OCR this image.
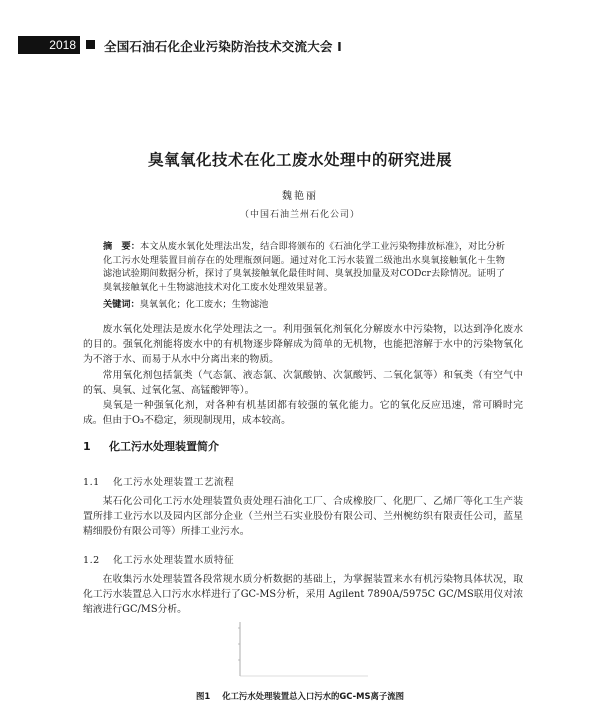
2018	全国石油石化企业污染防治技术交流大会 I
臭氧氧化技术在化工废水处理中的研究进展
魏艳丽
（中国石油兰州石化公司）
摘　要：本文从废水氧化处理法出发，结合即将颁布的《石油化学工业污染物排放标准》，对比分析化工污水处理装置目前存在的处理瓶颈问题。通过对化工污水装置二级池出水臭氧接触氧化＋生物滤池试验期间数据分析，探讨了臭氧接触氧化最佳时间、臭氧投加量及对CODcr去除情况。证明了臭氧接触氧化＋生物滤池技术对化工废水处理效果显著。
关键词：臭氧氧化；化工废水；生物滤池
废水氧化处理法是废水化学处理法之一。利用强氧化剂氧化分解废水中污染物，以达到净化废水的目的。强氧化剂能将废水中的有机物逐步降解成为简单的无机物，也能把溶解于水中的污染物氧化为不溶于水、而易于从水中分离出来的物质。
常用氧化剂包括氯类（气态氯、液态氯、次氯酸钠、次氯酸钙、二氧化氯等）和氧类（有空气中的氧、臭氧、过氧化氢、高锰酸钾等）。
臭氧是一种强氧化剂，对各种有机基团都有较强的氧化能力。它的氧化反应迅速，常可瞬时完成。但由于O₃不稳定，须现制现用，成本较高。
1 化工污水处理装置简介
1.1 化工污水处理装置工艺流程
某石化公司化工污水处理装置负责处理石油化工厂、合成橡胶厂、化肥厂、乙烯厂等化工生产装置所排工业污水以及园内区部分企业（兰州兰石实业股份有限公司、兰州椀纺织有限责任公司，蓝星精细股份有限公司等）所排工业污水。
1.2 化工污水处理装置水质特征
在收集污水处理装置各段常规水质分析数据的基础上，为掌握装置来水有机污染物具体状况，取化工污水装置总入口污水水样进行了GC-MS分析，采用 Agilent 7890A/5975C GC/MS联用仪对浓缩液进行GC/MS分析。
图1 化工污水处理装置总入口污水的GC-MS离子流图
